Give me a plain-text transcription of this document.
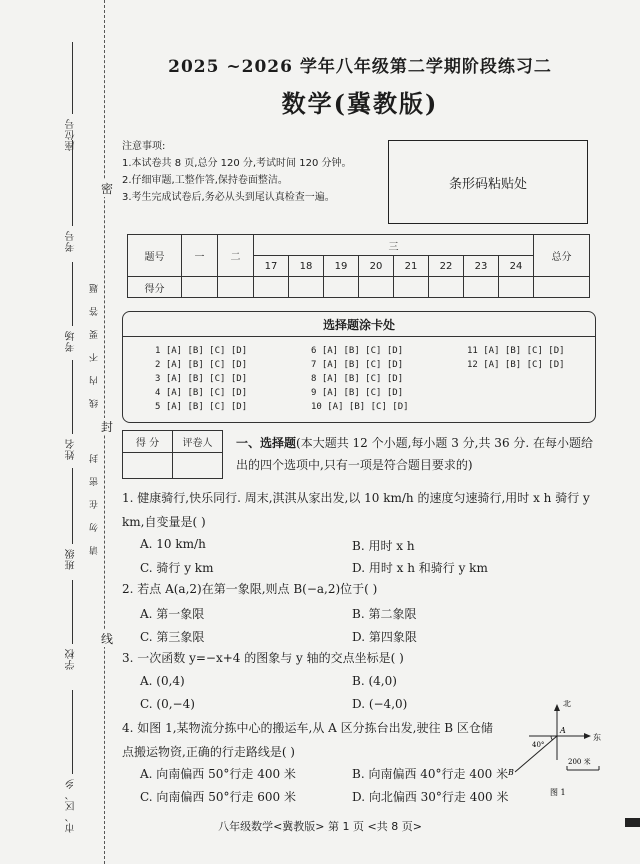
座位号
考号
考场
姓名
班级
学校
市、区、乡
线内不要答题
请勿在密封
密
封
线
2025 ~2026 学年八年级第二学期阶段练习二
数学(冀教版)
注意事项:
1.本试卷共 8 页,总分 120 分,考试时间 120 分钟。
2.仔细审题,工整作答,保持卷面整洁。
3.考生完成试卷后,务必从头到尾认真检查一遍。
条形码粘贴处
题号	一	二	三								总分
			17	18	19	20	21	22	23	24	
得分											
选择题涂卡处
1 [A] [B] [C] [D]
2 [A] [B] [C] [D]
3 [A] [B] [C] [D]
4 [A] [B] [C] [D]
5 [A] [B] [C] [D]
6 [A] [B] [C] [D]
7 [A] [B] [C] [D]
8 [A] [B] [C] [D]
9 [A] [B] [C] [D]
10 [A] [B] [C] [D]
11 [A] [B] [C] [D]
12 [A] [B] [C] [D]
得 分	评卷人
	一、选择题(本大题共 12 个小题,每小题 3 分,共 36 分. 在每小题给出的四个选项中,只有一项是符合题目要求的)
1. 健康骑行,快乐同行. 周末,淇淇从家出发,以 10 km/h 的速度匀速骑行,用时 x h 骑行 y km,自变量是( )
A. 10 km/h	B. 用时 x h
C. 骑行 y km	D. 用时 x h 和骑行 y km
2. 若点 A(a,2)在第一象限,则点 B(−a,2)位于( )
A. 第一象限	B. 第二象限
C. 第三象限	D. 第四象限
3. 一次函数 y=−x+4 的图象与 y 轴的交点坐标是( )
A. (0,4)	B. (4,0)
C. (0,−4)	D. (−4,0)
4. 如图 1,某物流分拣中心的搬运车,从 A 区分拣台出发,驶往 B 区仓储点搬运物资,正确的行走路线是( )
A. 向南偏西 50°行走 400 米	B. 向南偏西 40°行走 400 米
C. 向南偏西 50°行走 600 米	D. 向北偏西 30°行走 400 米
北
东
A
B
40°
200 米
图 1
八年级数学<冀教版> 第 1 页 <共 8 页>
